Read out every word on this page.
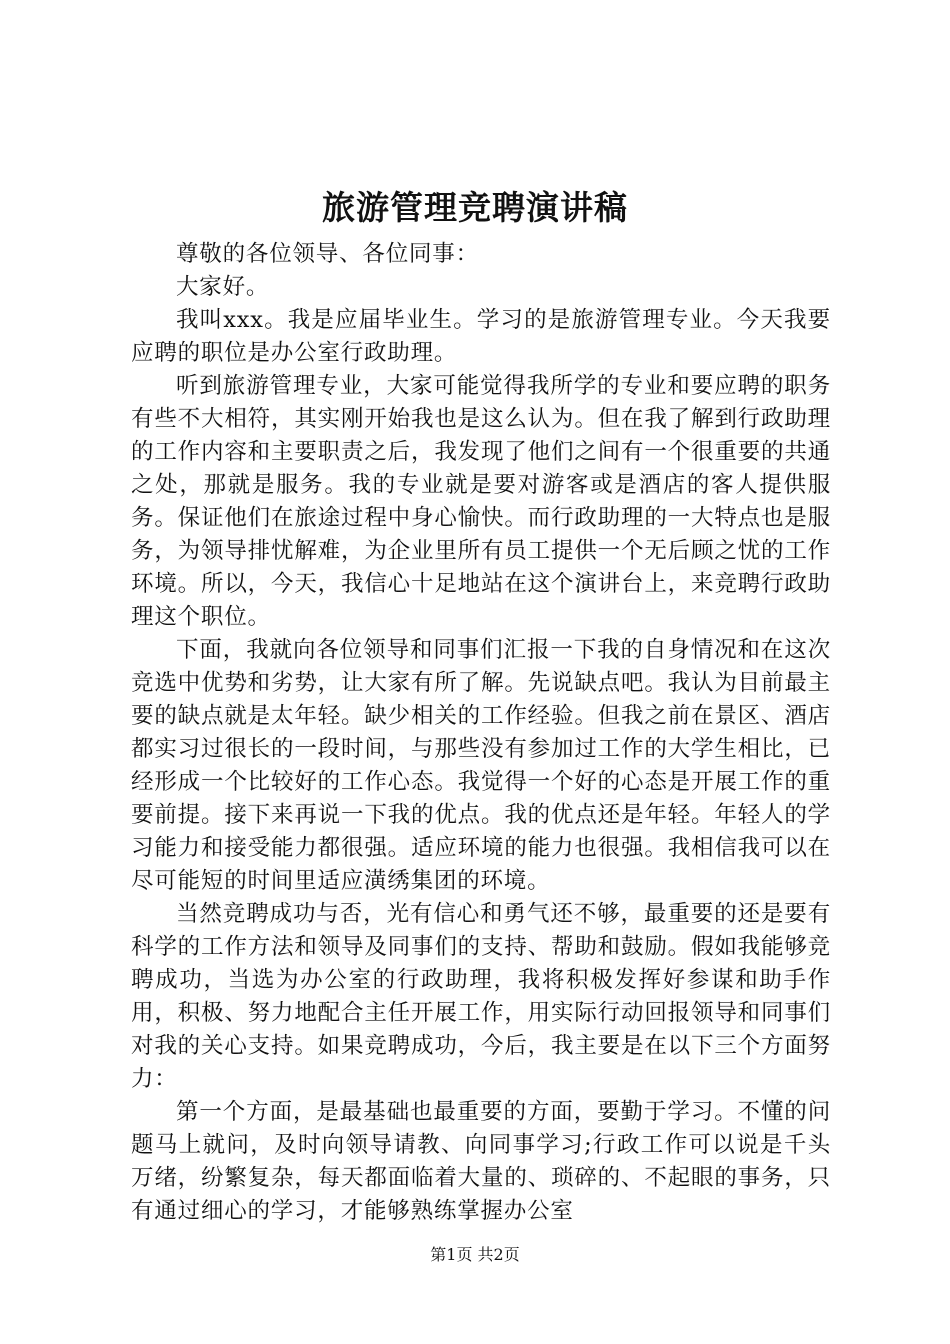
旅游管理竞聘演讲稿

尊敬的各位领导、各位同事：

大家好。

我叫xxx。我是应届毕业生。学习的是旅游管理专业。今天我要应聘的职位是办公室行政助理。

听到旅游管理专业，大家可能觉得我所学的专业和要应聘的职务有些不大相符，其实刚开始我也是这么认为。但在我了解到行政助理的工作内容和主要职责之后，我发现了他们之间有一个很重要的共通之处，那就是服务。我的专业就是要对游客或是酒店的客人提供服务。保证他们在旅途过程中身心愉快。而行政助理的一大特点也是服务，为领导排忧解难，为企业里所有员工提供一个无后顾之忧的工作环境。所以，今天，我信心十足地站在这个演讲台上，来竞聘行政助理这个职位。

下面，我就向各位领导和同事们汇报一下我的自身情况和在这次竞选中优势和劣势，让大家有所了解。先说缺点吧。我认为目前最主要的缺点就是太年轻。缺少相关的工作经验。但我之前在景区、酒店都实习过很长的一段时间，与那些没有参加过工作的大学生相比，已经形成一个比较好的工作心态。我觉得一个好的心态是开展工作的重要前提。接下来再说一下我的优点。我的优点还是年轻。年轻人的学习能力和接受能力都很强。适应环境的能力也很强。我相信我可以在尽可能短的时间里适应潢绣集团的环境。

当然竞聘成功与否，光有信心和勇气还不够，最重要的还是要有科学的工作方法和领导及同事们的支持、帮助和鼓励。假如我能够竞聘成功，当选为办公室的行政助理，我将积极发挥好参谋和助手作用，积极、努力地配合主任开展工作，用实际行动回报领导和同事们对我的关心支持。如果竞聘成功，今后，我主要是在以下三个方面努力：

第一个方面，是最基础也最重要的方面，要勤于学习。不懂的问题马上就问，及时向领导请教、向同事学习;行政工作可以说是千头万绪，纷繁复杂，每天都面临着大量的、琐碎的、不起眼的事务，只有通过细心的学习，才能够熟练掌握办公室

第1页 共2页
